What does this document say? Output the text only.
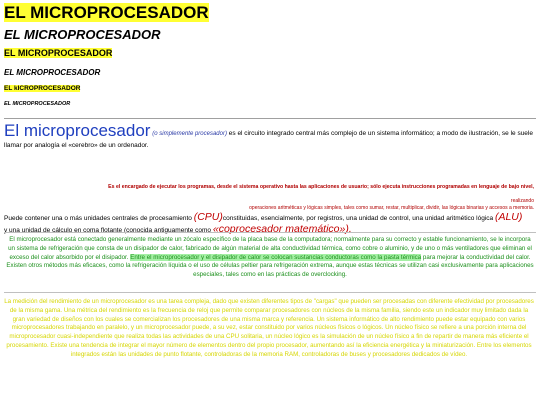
EL MICROPROCESADOR
EL MICROPROCESADOR
EL MICROPROCESADOR
EL MICROPROCESADOR
EL kICROPROCESADOR
EL MICROPROCESADOR

El microprocesador (o simplemente procesador) es el circuito integrado central más complejo de un sistema informático; a modo de ilustración, se le suele llamar por analogía el «cerebro» de un ordenador.

Es el encargado de ejecutar los programas, desde el sistema operativo hasta las aplicaciones de usuario; sólo ejecuta instrucciones programadas en lenguaje de bajo nivel,
realizando
operaciones aritméticas y lógicas simples, tales como sumar, restar, multiplicar, dividir, las lógicas binarias y accesos a memoria.

Puede contener una o más unidades centrales de procesamiento (CPU)constituidas, esencialmente, por registros, una unidad de control, una unidad aritmético lógica (ALU) y una unidad de cálculo en coma flotante (conocida antiguamente como «coprocesador matemático»).

El microprocesador está conectado generalmente mediante un zócalo específico de la placa base de la computadora; normalmente para su correcto y estable funcionamiento, se le incorpora un sistema de refrigeración que consta de un disipador de calor, fabricado de algún material de alta conductividad térmica, como cobre o aluminio, y de uno o más ventiladores que eliminan el exceso del calor absorbido por el disipador. Entre el microprocesador y el disipador de calor se colocan sustancias conductoras como la pasta térmica para mejorar la conductividad del calor. Existen otros métodos más eficaces, como la refrigeración líquida o el uso de células peltier para refrigeración extrema, aunque estas técnicas se utilizan casi exclusivamente para aplicaciones especiales, tales como en las prácticas de overclocking.

La medición del rendimiento de un microprocesador es una tarea compleja, dado que existen diferentes tipos de "cargas" que pueden ser procesadas con diferente efectividad por procesadores de la misma gama. Una métrica del rendimiento es la frecuencia de reloj que permite comparar procesadores con núcleos de la misma familia, siendo este un indicador muy limitado dada la gran variedad de diseños con los cuales se comercializan los procesadores de una misma marca y referencia. Un sistema informático de alto rendimiento puede estar equipado con varios microprocesadores trabajando en paralelo, y un microprocesador puede, a su vez, estar constituido por varios núcleos físicos o lógicos. Un núcleo físico se refiere a una porción interna del microprocesador cuasi-independiente que realiza todas las actividades de una CPU solitaria, un núcleo lógico es la simulación de un núcleo físico a fin de repartir de manera más eficiente el procesamiento. Existe una tendencia de integrar el mayor número de elementos dentro del propio procesador, aumentando así la eficiencia energética y la miniaturización. Entre los elementos integrados están las unidades de punto flotante, controladoras de la memoria RAM, controladoras de buses y procesadores dedicados de vídeo.
